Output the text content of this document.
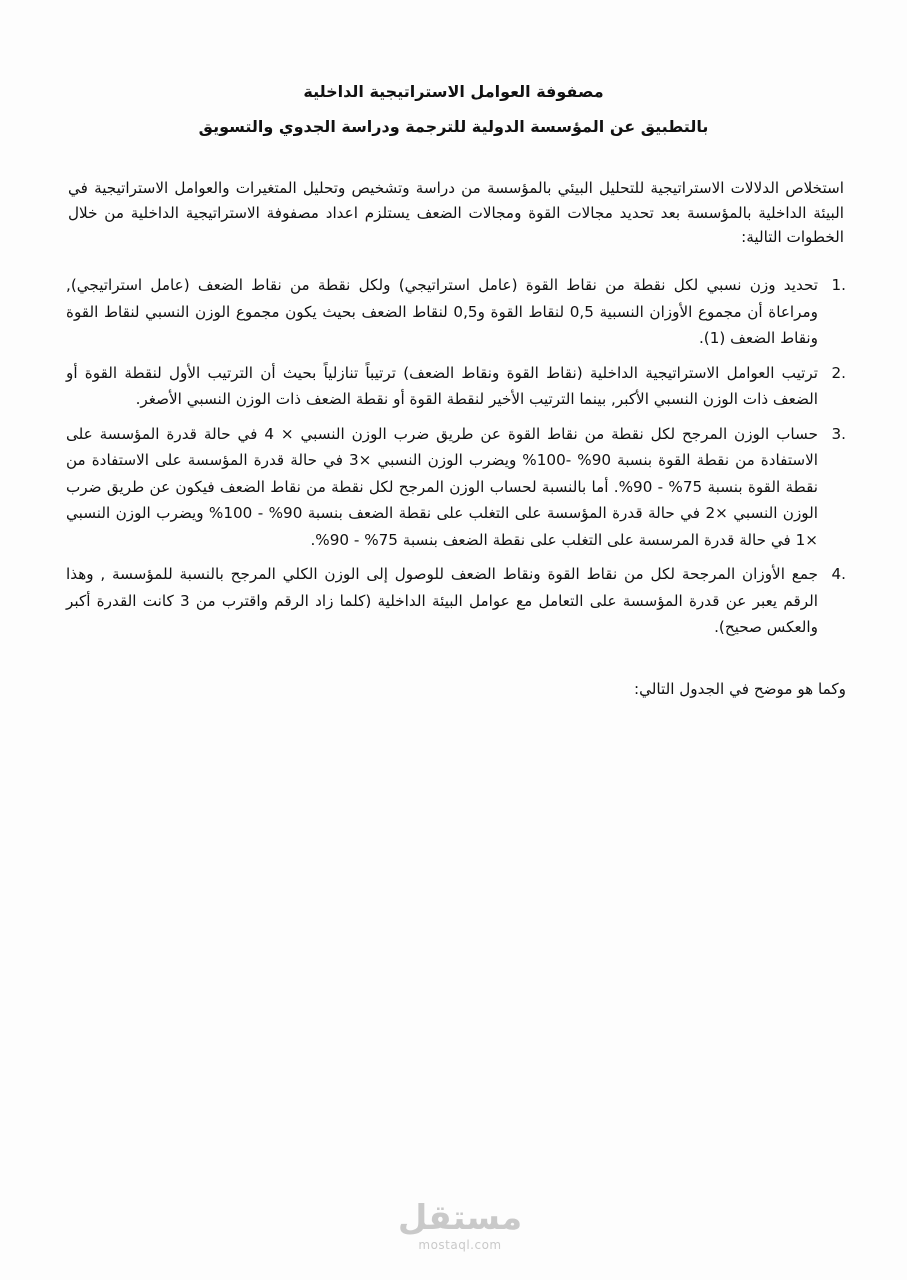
مصفوفة العوامل الاستراتيجية الداخلية
بالتطبيق عن المؤسسة الدولية للترجمة ودراسة الجدوي والتسويق

استخلاص الدلالات الاستراتيجية للتحليل البيئي بالمؤسسة من دراسة وتشخيص وتحليل المتغيرات والعوامل الاستراتيجية في البيئة الداخلية بالمؤسسة بعد تحديد مجالات القوة ومجالات الضعف يستلزم اعداد مصفوفة الاستراتيجية الداخلية من خلال الخطوات التالية:

1.
تحديد وزن نسبي لكل نقطة من نقاط القوة (عامل استراتيجي) ولكل نقطة من نقاط الضعف (عامل استراتيجي), ومراعاة أن مجموع الأوزان النسبية 0,5 لنقاط القوة و0,5 لنقاط الضعف بحيث يكون مجموع الوزن النسبي لنقاط القوة ونقاط الضعف (1).
2.
ترتيب العوامل الاستراتيجية الداخلية (نقاط القوة ونقاط الضعف) ترتيباً تنازلياً بحيث أن الترتيب الأول لنقطة القوة أو الضعف ذات الوزن النسبي الأكبر, بينما الترتيب الأخير لنقطة القوة أو نقطة الضعف ذات الوزن النسبي الأصغر.
3.
حساب الوزن المرجح لكل نقطة من نقاط القوة عن طريق ضرب الوزن النسبي × 4 في حالة قدرة المؤسسة على الاستفادة من نقطة القوة بنسبة 90% -100% ويضرب الوزن النسبي ×3 في حالة قدرة المؤسسة على الاستفادة من نقطة القوة بنسبة 75% - 90%. أما بالنسبة لحساب الوزن المرجح لكل نقطة من نقاط الضعف فيكون عن طريق ضرب الوزن النسبي ×2 في حالة قدرة المؤسسة على التغلب على نقطة الضعف بنسبة 90% - 100% ويضرب الوزن النسبي ×1 في حالة قدرة المرسسة على التغلب على نقطة الضعف بنسبة 75% - 90%.
4.
جمع الأوزان المرجحة لكل من نقاط القوة ونقاط الضعف للوصول إلى الوزن الكلي المرجح بالنسبة للمؤسسة , وهذا الرقم يعبر عن قدرة المؤسسة على التعامل مع عوامل البيئة الداخلية (كلما زاد الرقم واقترب من 3 كانت القدرة أكبر والعكس صحيح).

وكما هو موضح في الجدول التالي:

مستقل
mostaql.com
